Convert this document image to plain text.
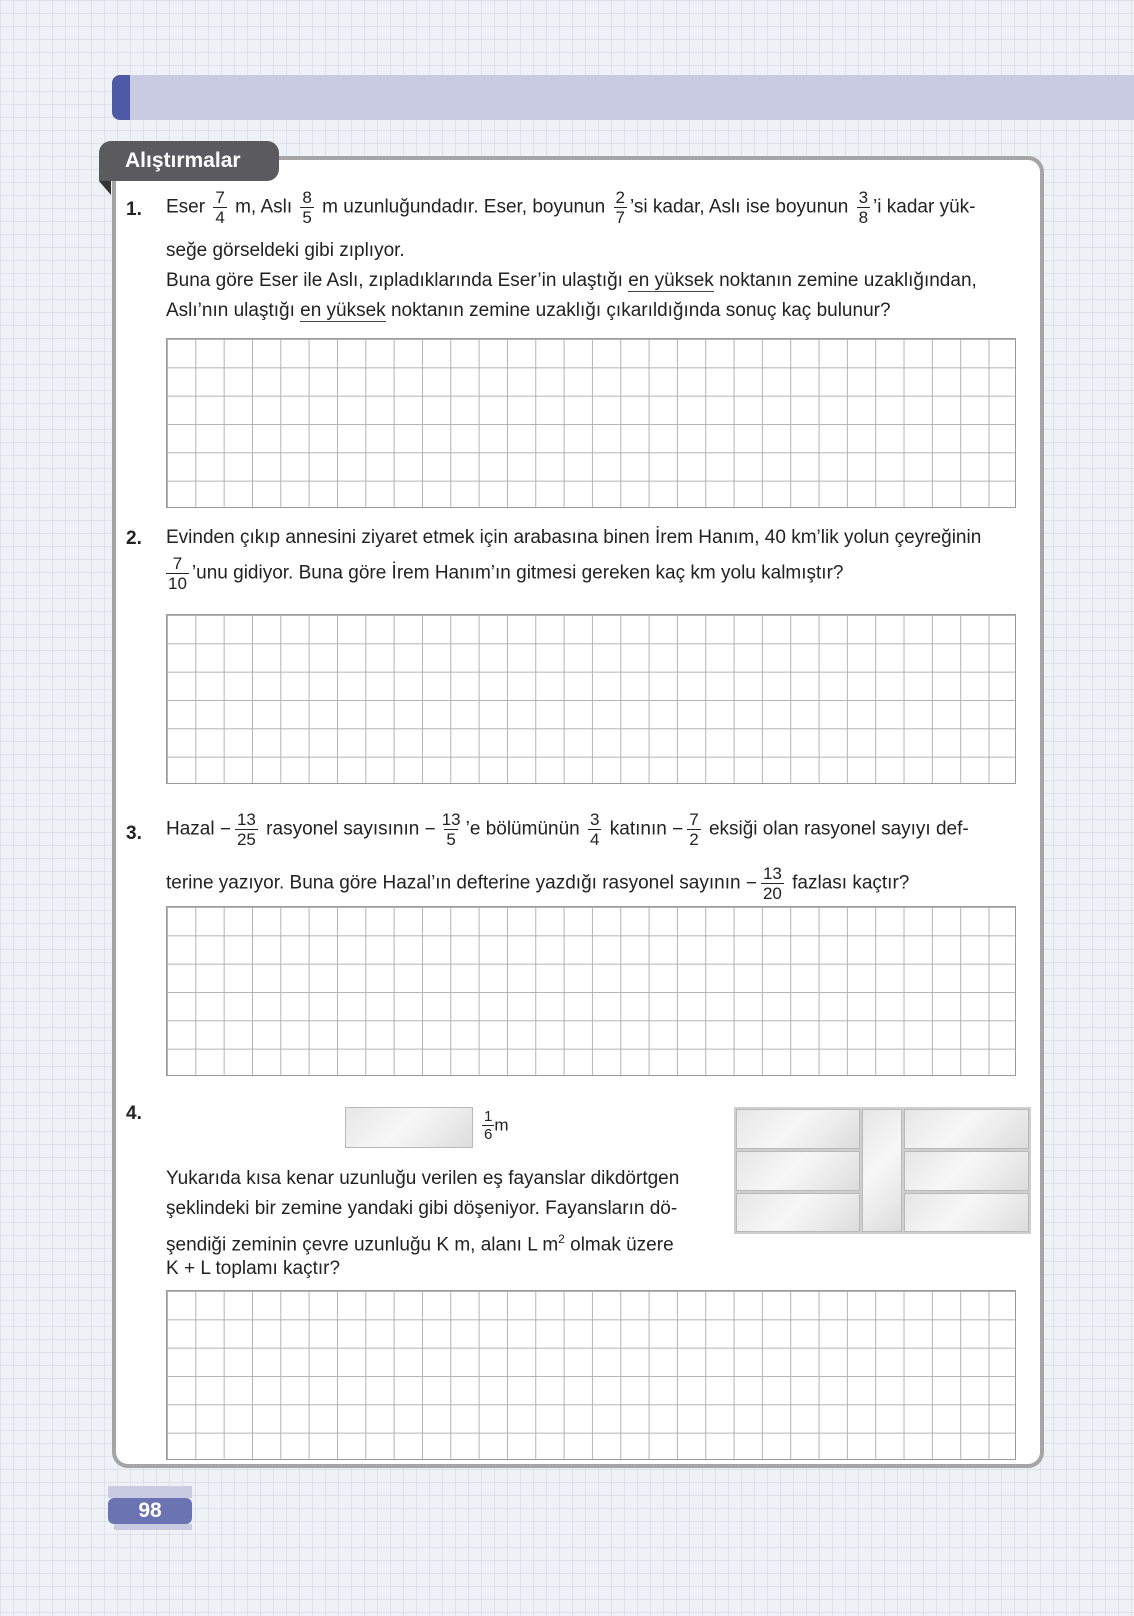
Alıştırmalar
1. Eser $\frac{7}{4} m$, Aslı $\frac{8}{5}$ m uzunluğundadır. Eser, boyunun $\frac{2}{7}$ ’si kadar, Aslı ise boyunun $\frac{3}{8}$ ’i kadar yük-
seğe görseldeki gibi zıplıyor.
Buna göre Eser ile Aslı, zıpladıklarında Eser’in ulaştığı en yüksek noktanın zemine uzaklığından,
Aslı’nın ulaştığı en yüksek noktanın zemine uzaklığı çıkarıldığında sonuç kaç bulunur?
2. Evinden çıkıp annesini ziyaret etmek için arabasına binen İrem Hanım, 40 km’lik yolun çeyreğinin
$\frac{7}{10}$ ’unu gidiyor. Buna göre İrem Hanım’ın gitmesi gereken kaç km yolu kalmıştır?
3. Hazal − $\frac{13}{25}$ rasyonel sayısının − $\frac{13}{5}$ ’e bölümünün $\frac{3}{4}$ katının − $\frac{7}{2}$ eksiği olan rasyonel sayıyı def-
terine yazıyor. Buna göre Hazal’ın defterine yazdığı rasyonel sayının − $\frac{13}{20}$ fazlası kaçtır?
4.	$\frac{1}{6}$ m
Yukarıda kısa kenar uzunluğu verilen eş fayanslar dikdörtgen
şeklindeki bir zemine yandaki gibi döşeniyor. Fayansların dö-
şendiği zeminin çevre uzunluğu K m, alanı L $m^2$ olmak üzere
K + L toplamı kaçtır?
98
